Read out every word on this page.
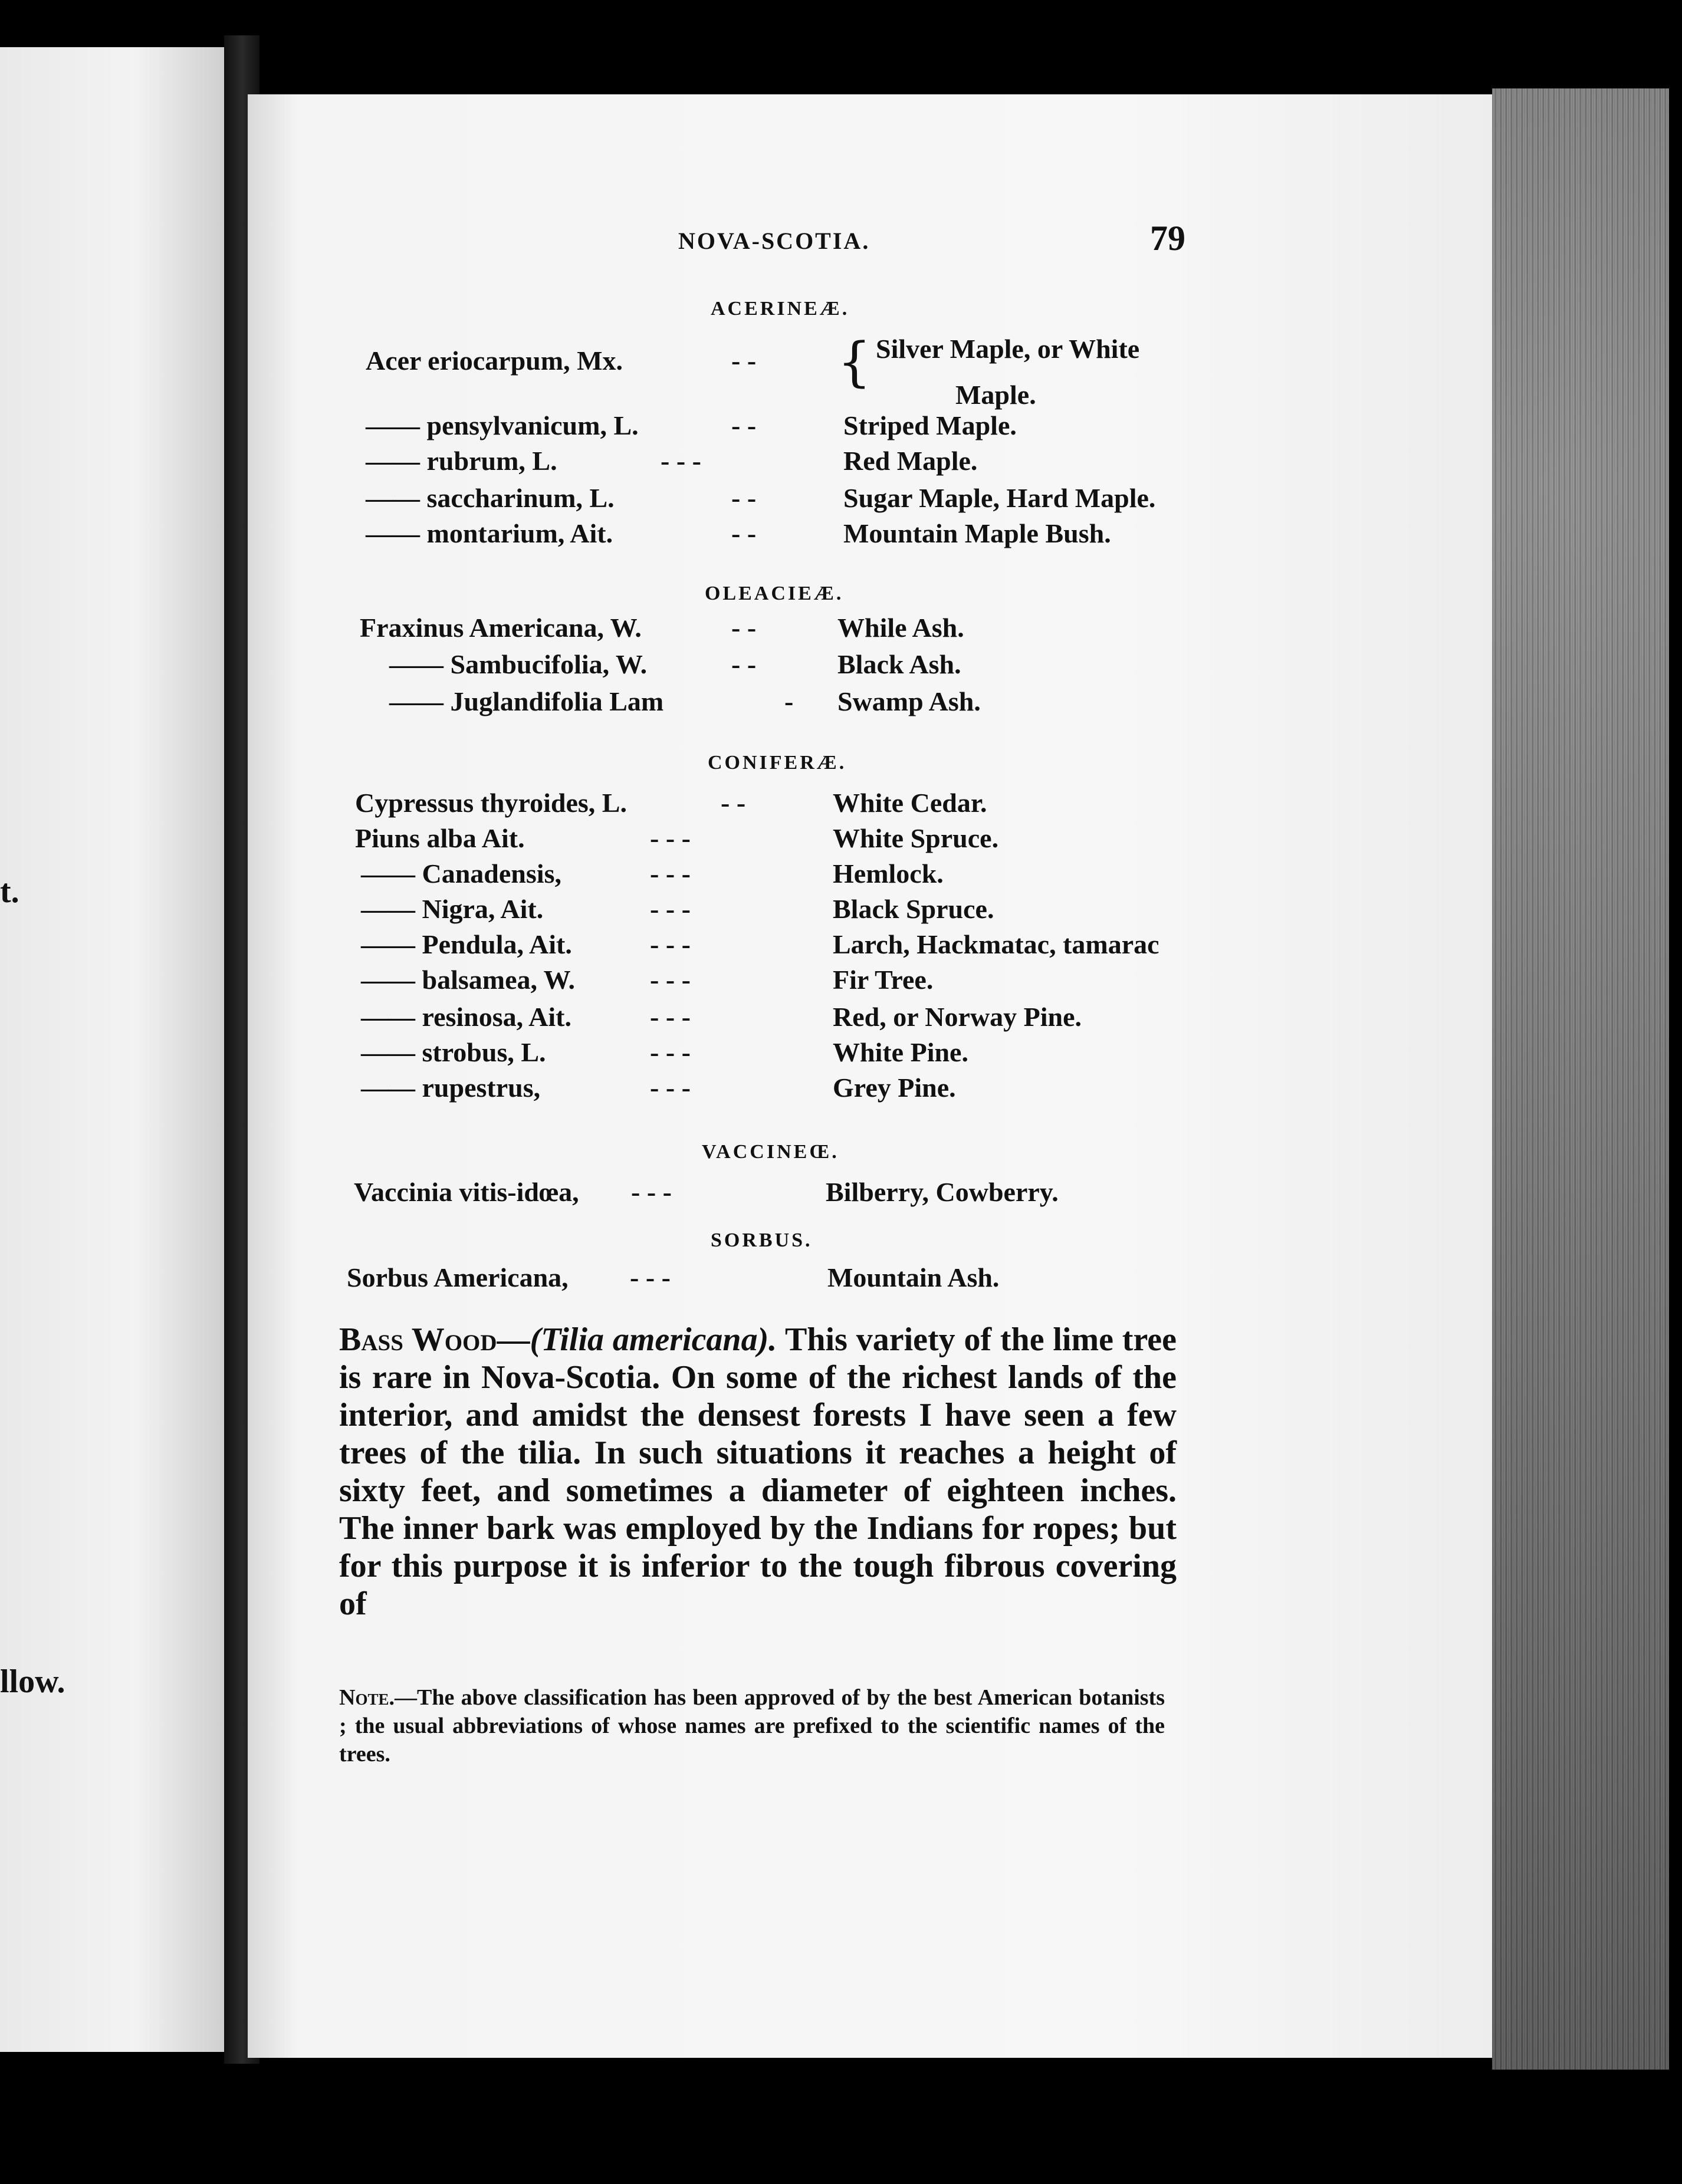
t.
llow.
NOVA-SCOTIA.	79
ACERINEÆ.
Acer eriocarpum, Mx.	- -	Silver Maple, or White
{
Maple.
—— pensylvanicum, L.	- -	Striped Maple.
—— rubrum, L.	- - -	Red Maple.
—— saccharinum, L.	- -	Sugar Maple, Hard Maple.
—— montarium, Ait.	- -	Mountain Maple Bush.
OLEACIEÆ.
Fraxinus Americana, W.	- -	While Ash.
—— Sambucifolia, W.	- -	Black Ash.
—— Juglandifolia Lam	- Swamp Ash.
CONIFERÆ.
Cypressus thyroides, L.	- -	White Cedar.
Piuns alba Ait.	- - -	White Spruce.
—— Canadensis,	- - -	Hemlock.
—— Nigra, Ait.	- - -	Black Spruce.
—— Pendula, Ait.	- - -	Larch, Hackmatac, tamarac
—— balsamea, W.	- - -	Fir Tree.
—— resinosa, Ait.	- - -	Red, or Norway Pine.
—— strobus, L.	- - -	White Pine.
—— rupestrus,	- - -	Grey Pine.
VACCINEŒ.
Vaccinia vitis-idœa, - - -	Bilberry, Cowberry.
SORBUS.
Sorbus Americana, - - -	Mountain Ash.
Bass Wood—(Tilia americana). This variety of the lime tree is rare in Nova-Scotia. On some of the richest lands of the interior, and amidst the densest forests I have seen a few trees of the tilia. In such situations it reaches a height of sixty feet, and sometimes a diameter of eighteen inches. The inner bark was employed by the Indians for ropes; but for this purpose it is inferior to the tough fibrous covering of
Note.—The above classification has been approved of by the best American botanists ; the usual abbreviations of whose names are prefixed to the scientific names of the trees.
